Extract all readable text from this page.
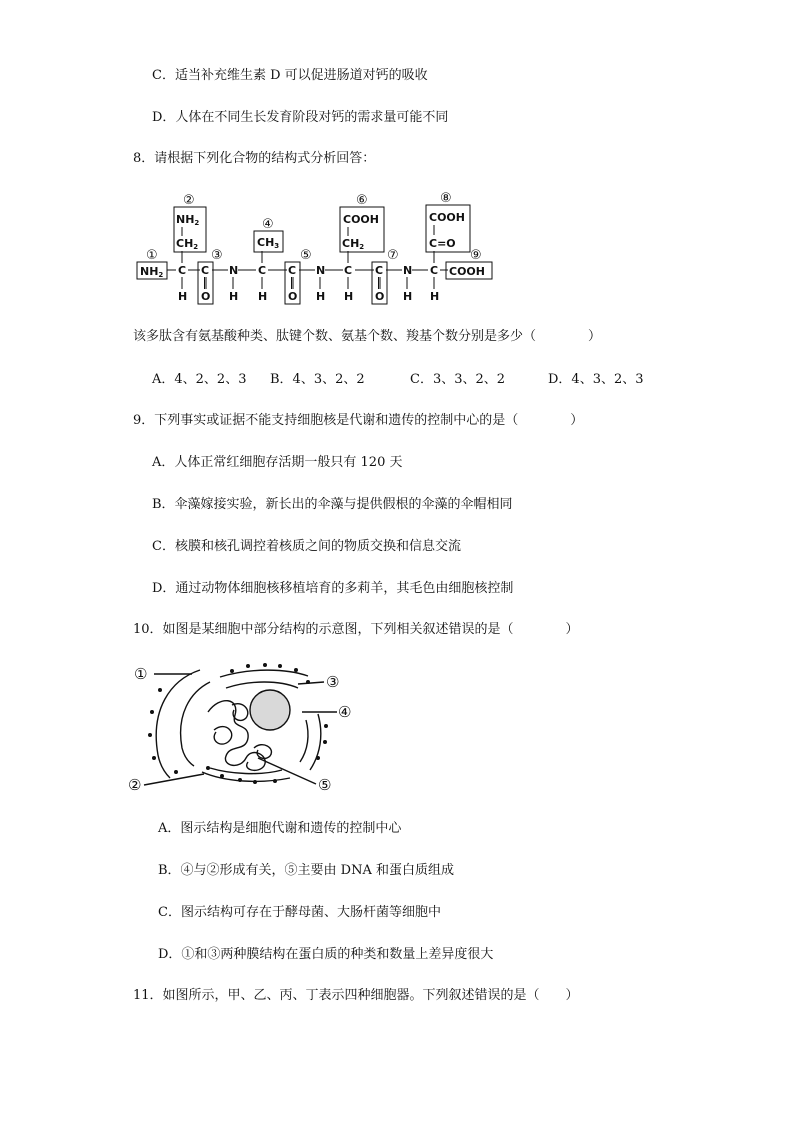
C．适当补充维生素 D 可以促进肠道对钙的吸收
D．人体在不同生长发育阶段对钙的需求量可能不同
8．请根据下列化合物的结构式分析回答：
①
②
③
④
⑤
⑥
⑦
⑧
⑨
NH2
NH2
CH2	CH3
COOH
CH2
COOH
C=O
C C N C C N C C N C COOH
H O H H O H H O H H
该多肽含有氨基酸种类、肽键个数、氨基个数、羧基个数分别是多少（　　　　）
A．4、2、2、3 B．4、3、2、2	C．3、3、2、2	D．4、3、2、3
9．下列事实或证据不能支持细胞核是代谢和遗传的控制中心的是（　　　　）
A．人体正常红细胞存活期一般只有 120 天
B．伞藻嫁接实验，新长出的伞藻与提供假根的伞藻的伞帽相同
C．核膜和核孔调控着核质之间的物质交换和信息交流
D．通过动物体细胞核移植培育的多莉羊，其毛色由细胞核控制
10．如图是某细胞中部分结构的示意图，下列相关叙述错误的是（　　　　）
①
②
③
④
⑤
A．图示结构是细胞代谢和遗传的控制中心
B．④与②形成有关，⑤主要由 DNA 和蛋白质组成
C．图示结构可存在于酵母菌、大肠杆菌等细胞中
D．①和③两种膜结构在蛋白质的种类和数量上差异度很大
11．如图所示，甲、乙、丙、丁表示四种细胞器。下列叙述错误的是（　　）
